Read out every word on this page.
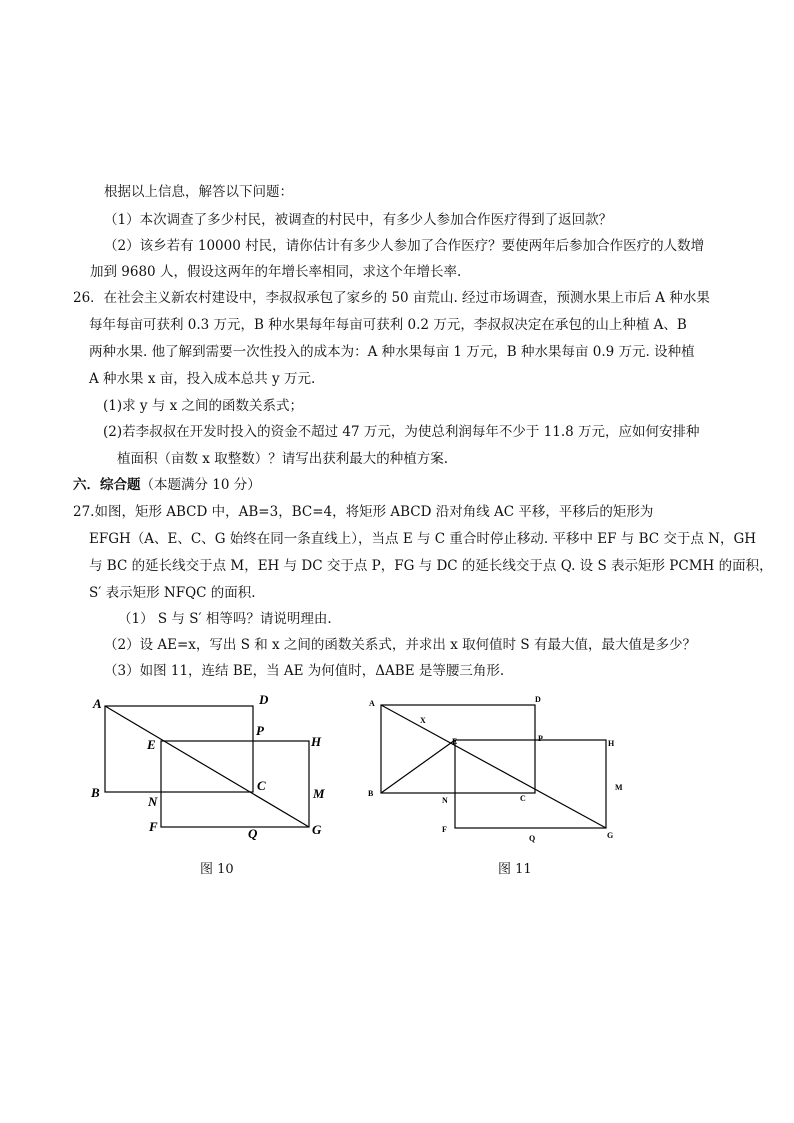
根据以上信息，解答以下问题：
（1）本次调查了多少村民，被调查的村民中，有多少人参加合作医疗得到了返回款？
（2）该乡若有 10000 村民，请你估计有多少人参加了合作医疗？要使两年后参加合作医疗的人数增
加到 9680 人，假设这两年的年增长率相同，求这个年增长率.
26．在社会主义新农村建设中，李叔叔承包了家乡的 50 亩荒山. 经过市场调查，预测水果上市后 A 种水果
每年每亩可获利 0.3 万元，B 种水果每年每亩可获利 0.2 万元，李叔叔决定在承包的山上种植 A、B
两种水果. 他了解到需要一次性投入的成本为：A 种水果每亩 1 万元，B 种水果每亩 0.9 万元. 设种植
A 种水果 x 亩，投入成本总共 y 万元.
(1)求 y 与 x 之间的函数关系式；
(2)若李叔叔在开发时投入的资金不超过 47 万元，为使总利润每年不少于 11.8 万元，应如何安排种
植面积（亩数 x 取整数）？请写出获利最大的种植方案.
六．综合题（本题满分 10 分）
27.如图，矩形 ABCD 中，AB=3，BC=4，将矩形 ABCD 沿对角线 AC 平移，平移后的矩形为
EFGH（A、E、C、G 始终在同一条直线上），当点 E 与 C 重合时停止移动. 平移中 EF 与 BC 交于点 N，GH
与 BC 的延长线交于点 M，EH 与 DC 交于点 P，FG 与 DC 的延长线交于点 Q. 设 S 表示矩形 PCMH 的面积，
S′ 表示矩形 NFQC 的面积.
（1） S 与 S′ 相等吗？请说明理由.
（2）设 AE=x，写出 S 和 x 之间的函数关系式，并求出 x 取何值时 S 有最大值，最大值是多少？
（3）如图 11，连结 BE，当 AE 为何值时，ΔABE 是等腰三角形.
A	D
E
P
H
B
N
C
M
F	Q	G
图 10
A	D
X
E	P
H
B
N	C
M
F
Q	G
图 11
